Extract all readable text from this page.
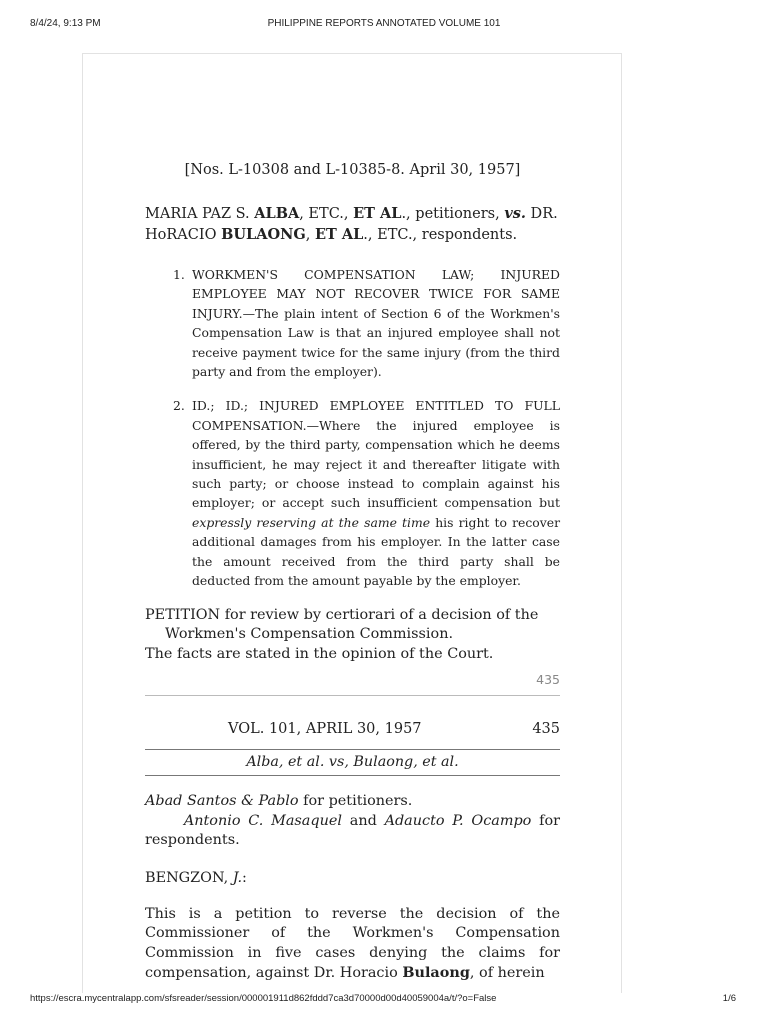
8/4/24, 9:13 PM	PHILIPPINE REPORTS ANNOTATED VOLUME 101

[Nos. L-10308 and L-10385-8. April 30, 1957]

MARIA PAZ S. ALBA, ETC., ET AL., petitioners, vs. DR. HoRACIO BULAONG, ET AL., ETC., respondents.

1. WORKMEN'S COMPENSATION LAW; INJURED EMPLOYEE MAY NOT RECOVER TWICE FOR SAME INJURY.—The plain intent of Section 6 of the Workmen's Compensation Law is that an injured employee shall not receive payment twice for the same injury (from the third party and from the employer).
2. ID.; ID.; INJURED EMPLOYEE ENTITLED TO FULL COMPENSATION.—Where the injured employee is offered, by the third party, compensation which he deems insufficient, he may reject it and thereafter litigate with such party; or choose instead to complain against his employer; or accept such insufficient compensation but expressly reserving at the same time his right to recover additional damages from his employer. In the latter case the amount received from the third party shall be deducted from the amount payable by the employer.

PETITION for review by certiorari of a decision of the
Workmen's Compensation Commission.
The facts are stated in the opinion of the Court.

435
VOL. 101, APRIL 30, 1957	435
Alba, et al. vs, Bulaong, et al.

Abad Santos & Pablo for petitioners.
Antonio C. Masaquel and Adaucto P. Ocampo for respondents.

BENGZON, J.:

This is a petition to reverse the decision of the Commissioner of the Workmen's Compensation Commission in five cases denying the claims for compensation, against Dr. Horacio Bulaong, of herein

https://escra.mycentralapp.com/sfsreader/session/000001911d862fddd7ca3d70000d00d40059004a/t/?o=False	1/6
